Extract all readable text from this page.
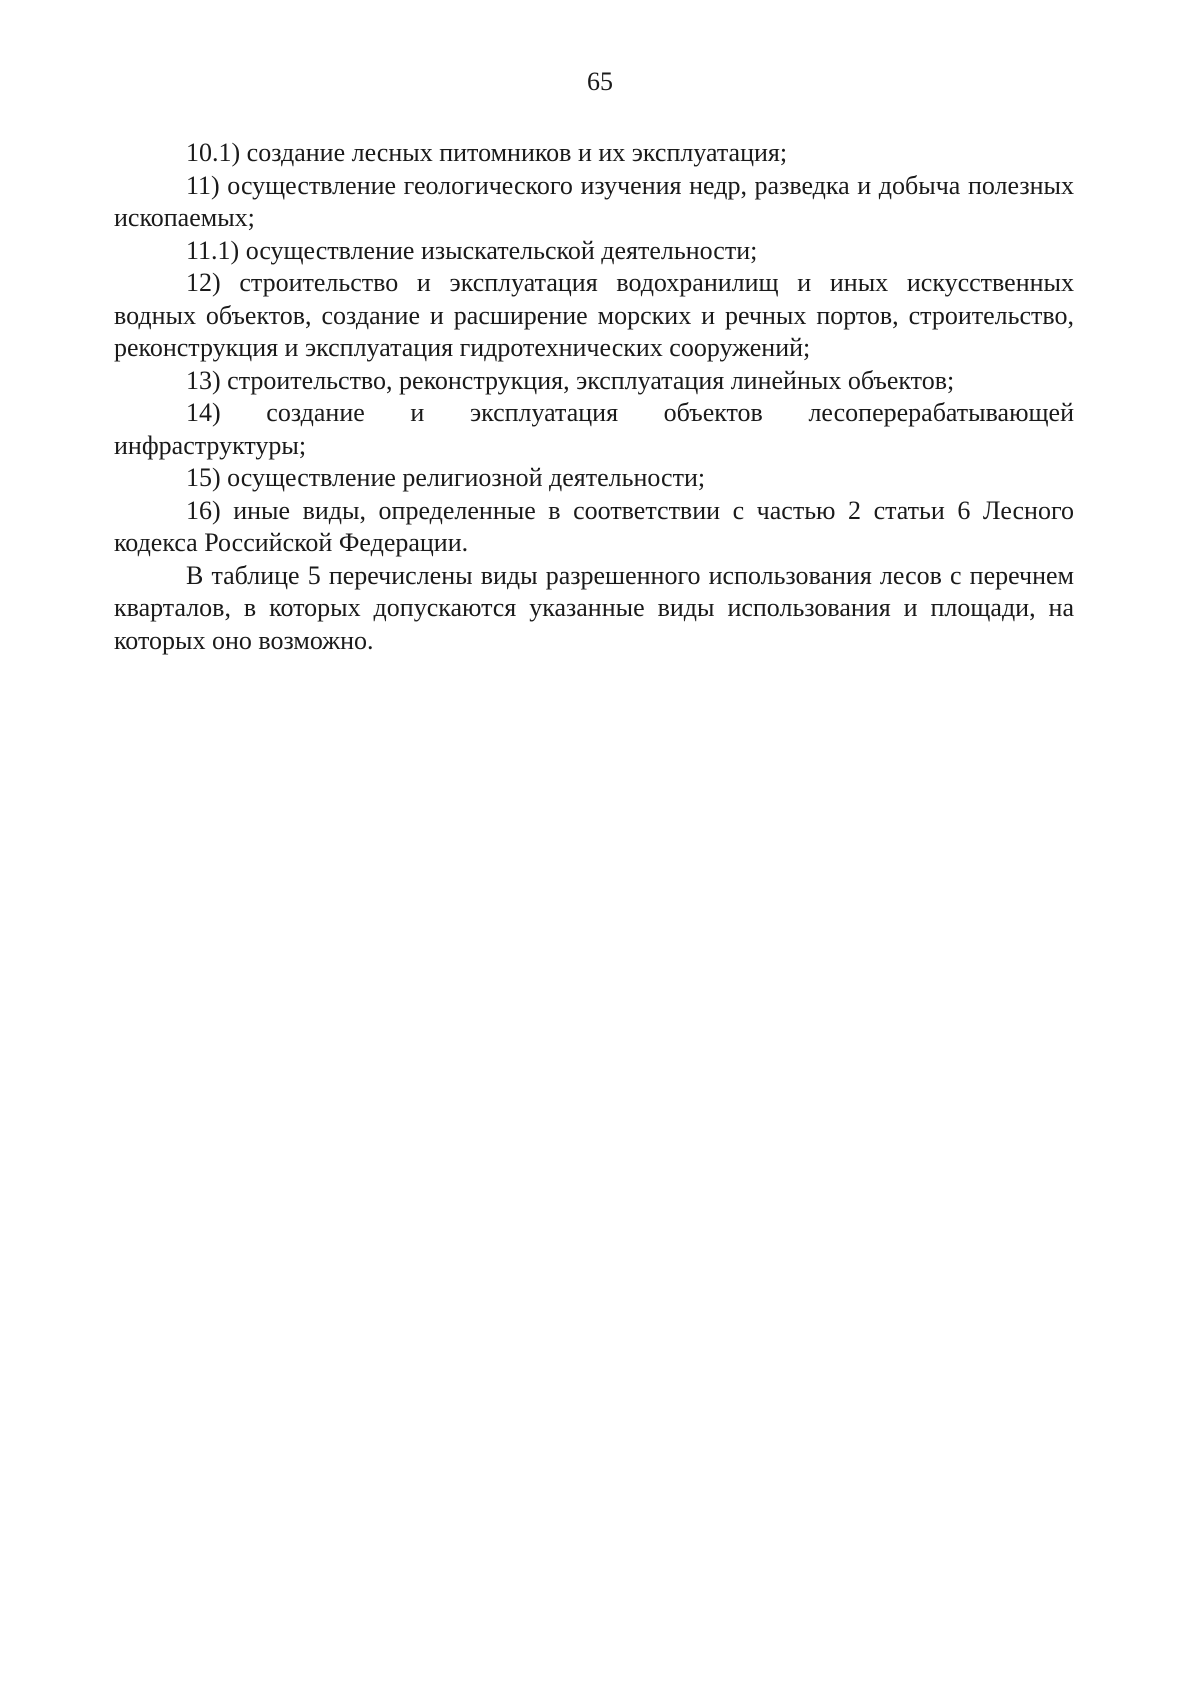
65

10.1) создание лесных питомников и их эксплуатация;

11) осуществление геологического изучения недр, разведка и добыча полезных ископаемых;

11.1) осуществление изыскательской деятельности;

12) строительство и эксплуатация водохранилищ и иных искусственных водных объектов, создание и расширение морских и речных портов, строительство, реконструкция и эксплуатация гидротехнических сооружений;

13) строительство, реконструкция, эксплуатация линейных объектов;

14) создание и эксплуатация объектов лесоперерабатывающей инфраструктуры;

15) осуществление религиозной деятельности;

16) иные виды, определенные в соответствии с частью 2 статьи 6 Лесного кодекса Российской Федерации.

В таблице 5 перечислены виды разрешенного использования лесов с перечнем кварталов, в которых допускаются указанные виды использования и площади, на которых оно возможно.
